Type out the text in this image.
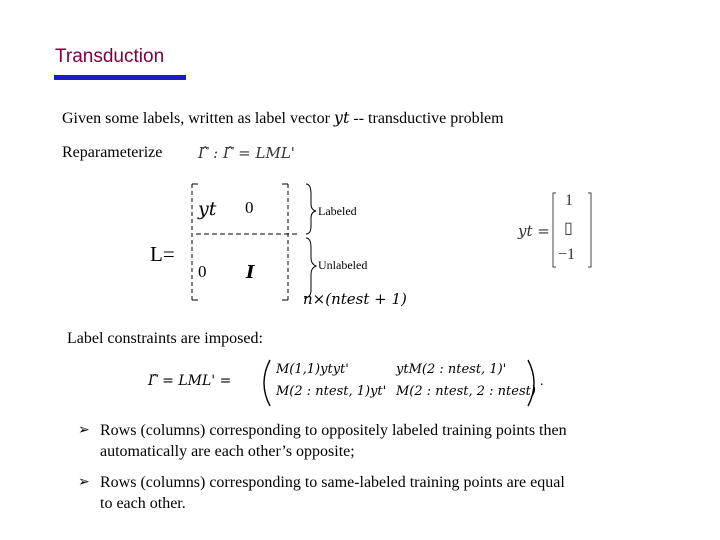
Transduction
Given some labels, written as label vector yt -- transductive problem
Reparameterize Γ̂ : Γ̂ = LML'
L=
yt 0
0 I
Labeled
Unlabeled
n×(ntest + 1)
yt =
1
▯
−1
Label constraints are imposed:
Γ̂ = LML' =
M(1,1)ytyt'	ytM(2 : ntest, 1)'
M(2 : ntest, 1)yt' M(2 : ntest, 2 : ntest)
.
➢ Rows (columns) corresponding to oppositely labeled training points then
automatically are each other’s opposite;
➢ Rows (columns) corresponding to same-labeled training points are equal
to each other.
